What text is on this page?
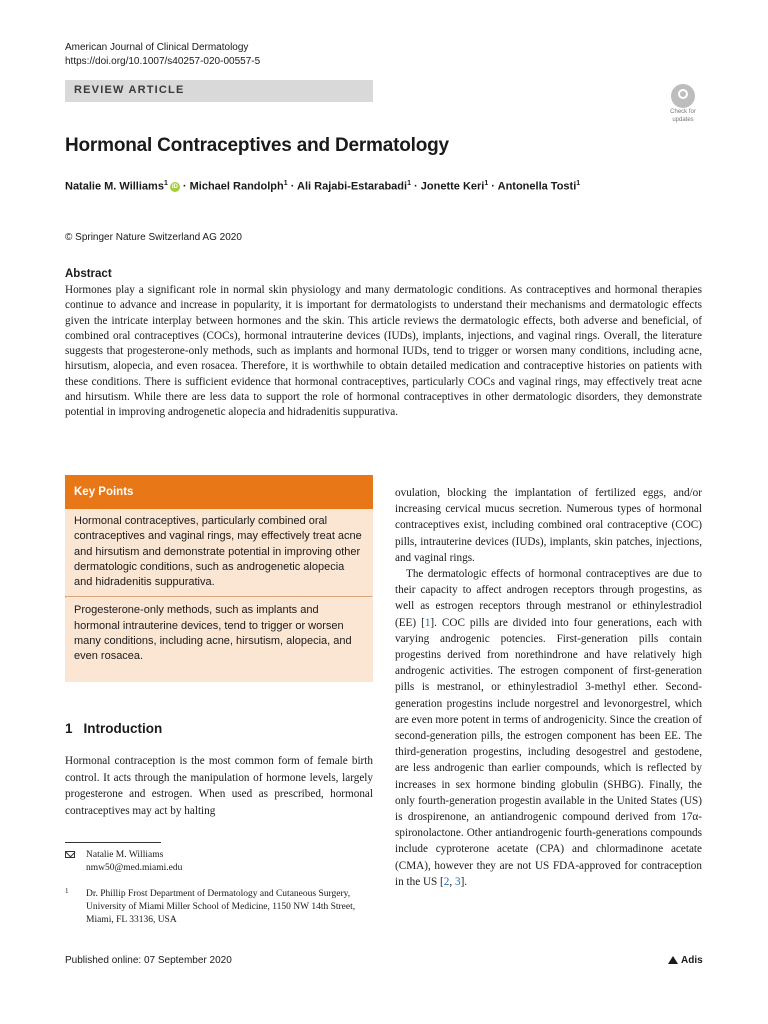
American Journal of Clinical Dermatology
https://doi.org/10.1007/s40257-020-00557-5
REVIEW ARTICLE
Check for
updates
Hormonal Contraceptives and Dermatology
Natalie M. Williams$^1$ iD · Michael Randolph$^1$ · Ali Rajabi-Estarabadi$^1$ · Jonette Keri$^1$ · Antonella Tosti$^1$
© Springer Nature Switzerland AG 2020
Abstract

Hormones play a significant role in normal skin physiology and many dermatologic conditions. As contraceptives and hormonal therapies continue to advance and increase in popularity, it is important for dermatologists to understand their mechanisms and dermatologic effects given the intricate interplay between hormones and the skin. This article reviews the dermatologic effects, both adverse and beneficial, of combined oral contraceptives (COCs), hormonal intrauterine devices (IUDs), implants, injections, and vaginal rings. Overall, the literature suggests that progesterone-only methods, such as implants and hormonal IUDs, tend to trigger or worsen many conditions, including acne, hirsutism, alopecia, and even rosacea. Therefore, it is worthwhile to obtain detailed medication and contraceptive histories on patients with these conditions. There is sufficient evidence that hormonal contraceptives, particularly COCs and vaginal rings, may effectively treat acne and hirsutism. While there are less data to support the role of hormonal contraceptives in other dermatologic disorders, they demonstrate potential in improving androgenetic alopecia and hidradenitis suppurativa.

Key Points
Hormonal contraceptives, particularly combined oral contraceptives and vaginal rings, may effectively treat acne and hirsutism and demonstrate potential in improving other dermatologic conditions, such as androgenetic alopecia and hidradenitis suppurativa.
Progesterone-only methods, such as implants and hormonal intrauterine devices, tend to trigger or worsen many conditions, including acne, hirsutism, alopecia, and even rosacea.
1 Introduction

Hormonal contraception is the most common form of female birth control. It acts through the manipulation of hormone levels, largely progesterone and estrogen. When used as prescribed, hormonal contraceptives may act by halting

Natalie M. Williams
nmw50@med.miami.edu
1 Dr. Phillip Frost Department of Dermatology and Cutaneous Surgery, University of Miami Miller School of Medicine, 1150 NW 14th Street, Miami, FL 33136, USA
Published online: 07 September 2020	Adis

ovulation, blocking the implantation of fertilized eggs, and/or increasing cervical mucus secretion. Numerous types of hormonal contraceptives exist, including combined oral contraceptive (COC) pills, intrauterine devices (IUDs), implants, skin patches, injections, and vaginal rings.

The dermatologic effects of hormonal contraceptives are due to their capacity to affect androgen receptors through progestins, as well as estrogen receptors through mestranol or ethinylestradiol (EE) [1]. COC pills are divided into four generations, each with varying androgenic potencies. First-generation pills contain progestins derived from norethindrone and have relatively high androgenic activities. The estrogen component of first-generation pills is mestranol, or ethinylestradiol 3-methyl ether. Second-generation progestins include norgestrel and levonorgestrel, which are even more potent in terms of androgenicity. Since the creation of second-generation pills, the estrogen component has been EE. The third-generation progestins, including desogestrel and gestodene, are less androgenic than earlier compounds, which is reflected by increases in sex hormone binding globulin (SHBG). Finally, the only fourth-generation progestin available in the United States (US) is drospirenone, an antiandrogenic compound derived from 17α-spironolactone. Other antiandrogenic fourth-generations compounds include cyproterone acetate (CPA) and chlormadinone acetate (CMA), however they are not US FDA-approved for contraception in the US [2, 3].
